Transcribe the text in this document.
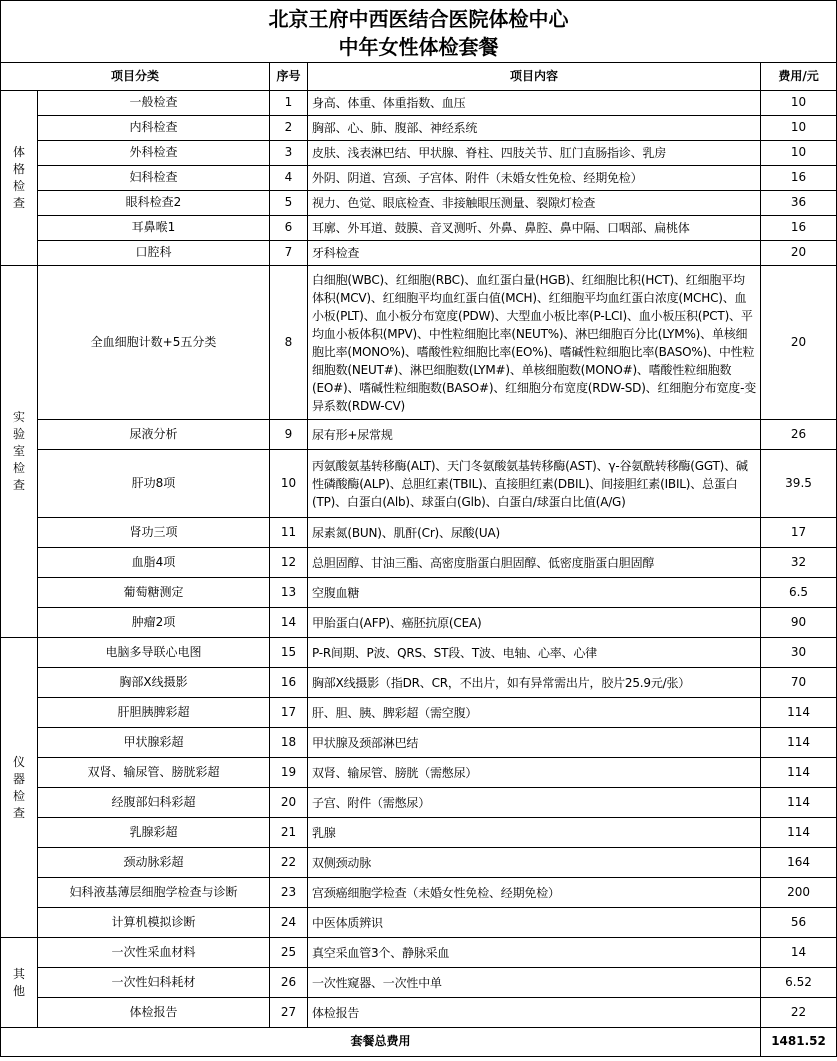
北京王府中西医结合医院体检中心
中年女性体检套餐				

项目分类		序号	项目内容	费用/元

体格检查	一般检查	1	身高、体重、体重指数、血压	10
	内科检查	2	胸部、心、肺、腹部、神经系统	10
	外科检查	3	皮肤、浅表淋巴结、甲状腺、脊柱、四肢关节、肛门直肠指诊、乳房	10
	妇科检查	4	外阴、阴道、宫颈、子宫体、附件（未婚女性免检、经期免检）	16
	眼科检查2	5	视力、色觉、眼底检查、非接触眼压测量、裂隙灯检查	36
	耳鼻喉1	6	耳廓、外耳道、鼓膜、音叉测听、外鼻、鼻腔、鼻中隔、口咽部、扁桃体	16
	口腔科	7	牙科检查	20

实验室检查	全血细胞计数+5五分类	8	白细胞(WBC)、红细胞(RBC)、血红蛋白量(HGB)、红细胞比积(HCT)、红细胞平均体积(MCV)、红细胞平均血红蛋白值(MCH)、红细胞平均血红蛋白浓度(MCHC)、血小板(PLT)、血小板分布宽度(PDW)、大型血小板比率(P-LCI)、血小板压积(PCT)、平均血小板体积(MPV)、中性粒细胞比率(NEUT%)、淋巴细胞百分比(LYM%)、单核细胞比率(MONO%)、嗜酸性粒细胞比率(EO%)、嗜碱性粒细胞比率(BASO%)、中性粒细胞数(NEUT#)、淋巴细胞数(LYM#)、单核细胞数(MONO#)、嗜酸性粒细胞数(EO#)、嗜碱性粒细胞数(BASO#)、红细胞分布宽度(RDW-SD)、红细胞分布宽度-变异系数(RDW-CV)	20
	尿液分析	9	尿有形+尿常规	26
	肝功8项	10	丙氨酸氨基转移酶(ALT)、天门冬氨酸氨基转移酶(AST)、γ-谷氨酰转移酶(GGT)、碱性磷酸酶(ALP)、总胆红素(TBIL)、直接胆红素(DBIL)、间接胆红素(IBIL)、总蛋白(TP)、白蛋白(Alb)、球蛋白(Glb)、白蛋白/球蛋白比值(A/G)	39.5
	肾功三项	11	尿素氮(BUN)、肌酐(Cr)、尿酸(UA)	17
	血脂4项	12	总胆固醇、甘油三酯、高密度脂蛋白胆固醇、低密度脂蛋白胆固醇	32
	葡萄糖测定	13	空腹血糖	6.5
	肿瘤2项	14	甲胎蛋白(AFP)、癌胚抗原(CEA)	90

仪器检查	电脑多导联心电图	15	P-R间期、P波、QRS、ST段、T波、电轴、心率、心律	30
	胸部X线摄影	16	胸部X线摄影（指DR、CR，不出片，如有异常需出片，胶片25.9元/张）	70
	肝胆胰脾彩超	17	肝、胆、胰、脾彩超（需空腹）	114
	甲状腺彩超	18	甲状腺及颈部淋巴结	114
	双肾、输尿管、膀胱彩超	19	双肾、输尿管、膀胱（需憋尿）	114
	经腹部妇科彩超	20	子宫、附件（需憋尿）	114
	乳腺彩超	21	乳腺	114
	颈动脉彩超	22	双侧颈动脉	164
	妇科液基薄层细胞学检查与诊断	23	宫颈癌细胞学检查（未婚女性免检、经期免检）	200
	计算机模拟诊断	24	中医体质辨识	56

其他	一次性采血材料	25	真空采血管3个、静脉采血	14
	一次性妇科耗材	26	一次性窥器、一次性中单	6.52
	体检报告	27	体检报告	22
套餐总费用				1481.52
